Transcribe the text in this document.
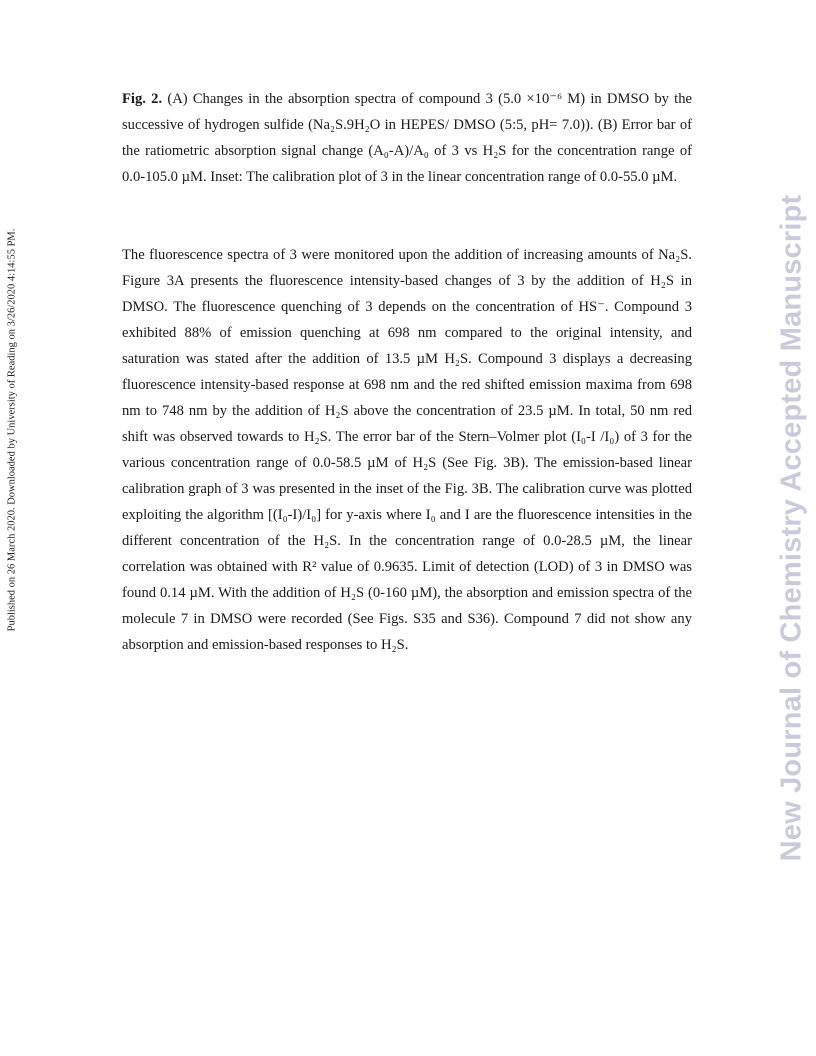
Published on 26 March 2020. Downloaded by University of Reading on 3/26/2020 4:14:55 PM.	New Journal of Chemistry Accepted Manuscript

Fig. 2. (A) Changes in the absorption spectra of compound 3 (5.0 ×10⁻⁶ M) in DMSO by the successive of hydrogen sulfide (Na₂S.9H₂O in HEPES/ DMSO (5:5, pH= 7.0)). (B) Error bar of the ratiometric absorption signal change (A₀-A)/A₀ of 3 vs H₂S for the concentration range of 0.0-105.0 µM. Inset: The calibration plot of 3 in the linear concentration range of 0.0-55.0 µM.

The fluorescence spectra of 3 were monitored upon the addition of increasing amounts of Na₂S. Figure 3A presents the fluorescence intensity-based changes of 3 by the addition of H₂S in DMSO. The fluorescence quenching of 3 depends on the concentration of HS⁻. Compound 3 exhibited 88% of emission quenching at 698 nm compared to the original intensity, and saturation was stated after the addition of 13.5 µM H₂S. Compound 3 displays a decreasing fluorescence intensity-based response at 698 nm and the red shifted emission maxima from 698 nm to 748 nm by the addition of H₂S above the concentration of 23.5 µM. In total, 50 nm red shift was observed towards to H₂S. The error bar of the Stern–Volmer plot (I₀-I /I₀) of 3 for the various concentration range of 0.0-58.5 µM of H₂S (See Fig. 3B). The emission-based linear calibration graph of 3 was presented in the inset of the Fig. 3B. The calibration curve was plotted exploiting the algorithm [(I₀-I)/I₀] for y-axis where I₀ and I are the fluorescence intensities in the different concentration of the H₂S. In the concentration range of 0.0-28.5 µM, the linear correlation was obtained with R² value of 0.9635. Limit of detection (LOD) of 3 in DMSO was found 0.14 µM. With the addition of H₂S (0-160 µM), the absorption and emission spectra of the molecule 7 in DMSO were recorded (See Figs. S35 and S36). Compound 7 did not show any absorption and emission-based responses to H₂S.
